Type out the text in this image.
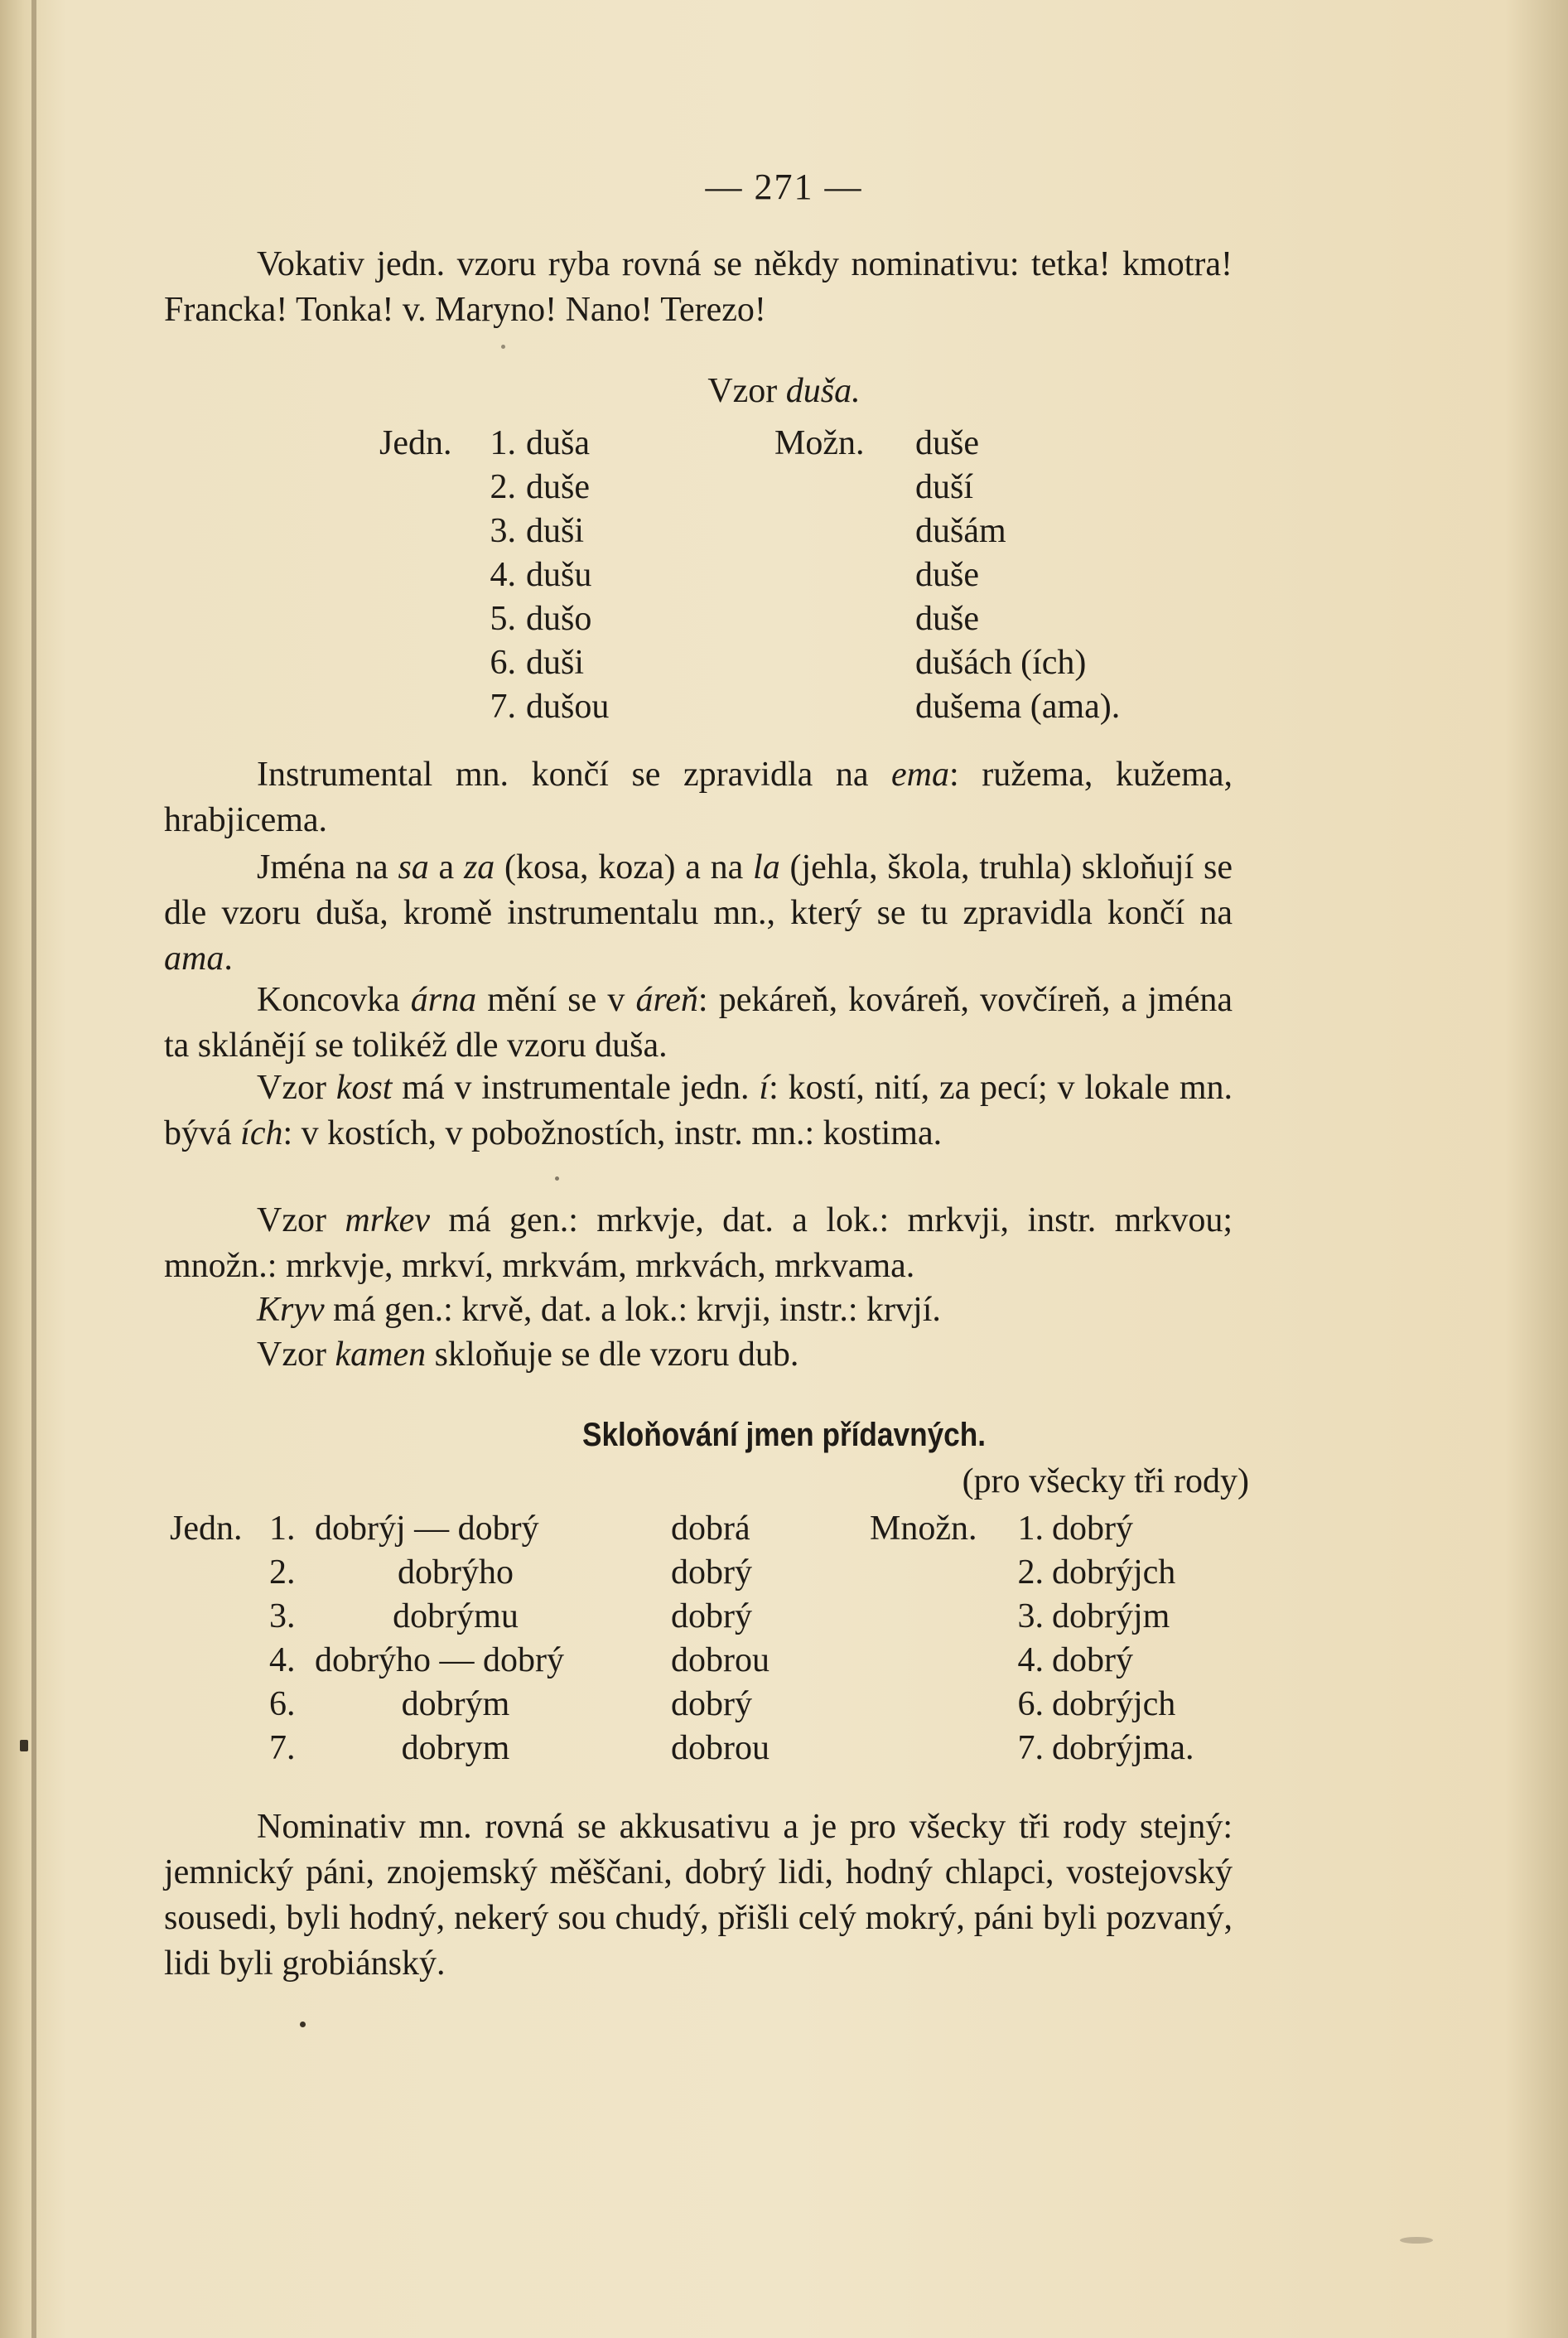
— 271 —

Vokativ jedn. vzoru ryba rovná se někdy nominativu: tetka! kmotra! Francka! Tonka! v. Maryno! Nano! Terezo!

Vzor duša.
Jedn.	1.	duša	Možn.	duše
	2.	duše		duší
	3.	duši		dušám
	4.	dušu		duše
	5.	dušo		duše
	6.	duši		dušách (ích)
	7.	dušou		dušema (ama).

Instrumental mn. končí se zpravidla na ema: ružema, kužema, hrabjicema.

Jména na sa a za (kosa, koza) a na la (jehla, škola, truhla) skloňují se dle vzoru duša, kromě instrumentalu mn., který se tu zpravidla končí na ama.

Koncovka árna mění se v áreň: pekáreň, kováreň, vovčíreň, a jména ta sklánějí se tolikéž dle vzoru duša.

Vzor kost má v instrumentale jedn. í: kostí, nití, za pecí; v lokale mn. bývá ích: v kostích, v pobožnostích, instr. mn.: kostima.

Vzor mrkev má gen.: mrkvje, dat. a lok.: mrkvji, instr. mrkvou; množn.: mrkvje, mrkví, mrkvám, mrkvách, mrkvama.

Kryv má gen.: krvě, dat. a lok.: krvji, instr.: krvjí.

Vzor kamen skloňuje se dle vzoru dub.

Skloňování jmen přídavných.
(pro všecky tři rody)
Jedn.	1.	dobrýj — dobrý	dobrá	Množn.	1.	dobrý
	2.	dobrýho	dobrý		2.	dobrýjch
	3.	dobrýmu	dobrý		3.	dobrýjm
	4.	dobrýho — dobrý	dobrou		4.	dobrý
	6.	dobrým	dobrý		6.	dobrýjch
	7.	dobrym	dobrou		7.	dobrýjma.

Nominativ mn. rovná se akkusativu a je pro všecky tři rody stejný: jemnický páni, znojemský měščani, dobrý lidi, hodný chlapci, vostejovský sousedi, byli hodný, nekerý sou chudý, přišli celý mokrý, páni byli pozvaný, lidi byli grobiánský.
